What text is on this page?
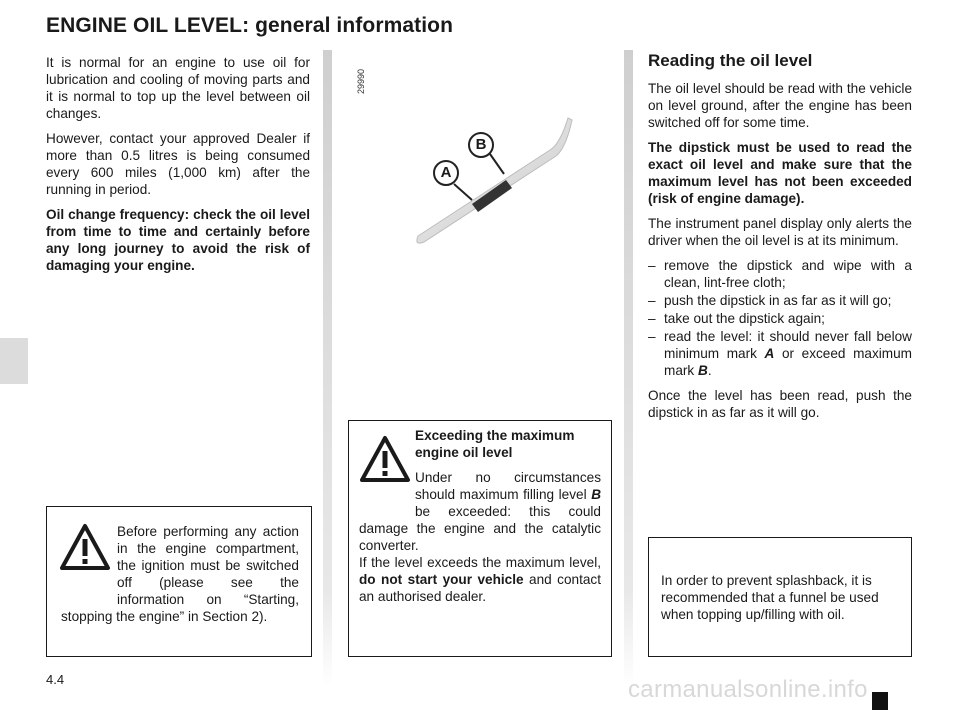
ENGINE OIL LEVEL: general information

It is normal for an engine to use oil for lubrication and cooling of moving parts and it is normal to top up the level between oil changes.

However, contact your approved Dealer if more than 0.5 litres is being consumed every 600 miles (1,000 km) after the running in period.

Oil change frequency: check the oil level from time to time and certainly before any long journey to avoid the risk of damaging your engine.

Before performing any action in the engine compartment, the ignition must be switched off (please see the information on “Starting, stopping the engine” in Section 2).
29990
A
B

Exceeding the maximum engine oil level

Under no circumstances should maximum filling level B be exceeded: this could damage the engine and the catalytic converter.

If the level exceeds the maximum level, do not start your vehicle and contact an authorised dealer.

Reading the oil level

The oil level should be read with the vehicle on level ground, after the engine has been switched off for some time.

The dipstick must be used to read the exact oil level and make sure that the maximum level has not been exceeded (risk of engine damage).

The instrument panel display only alerts the driver when the oil level is at its minimum.

– remove the dipstick and wipe with a clean, lint-free cloth;
– push the dipstick in as far as it will go;
– take out the dipstick again;
– read the level: it should never fall below minimum mark A or exceed maximum mark B.

Once the level has been read, push the dipstick in as far as it will go.

In order to prevent splashback, it is recommended that a funnel be used when topping up/filling with oil.

4.4	carmanualsonline.info
